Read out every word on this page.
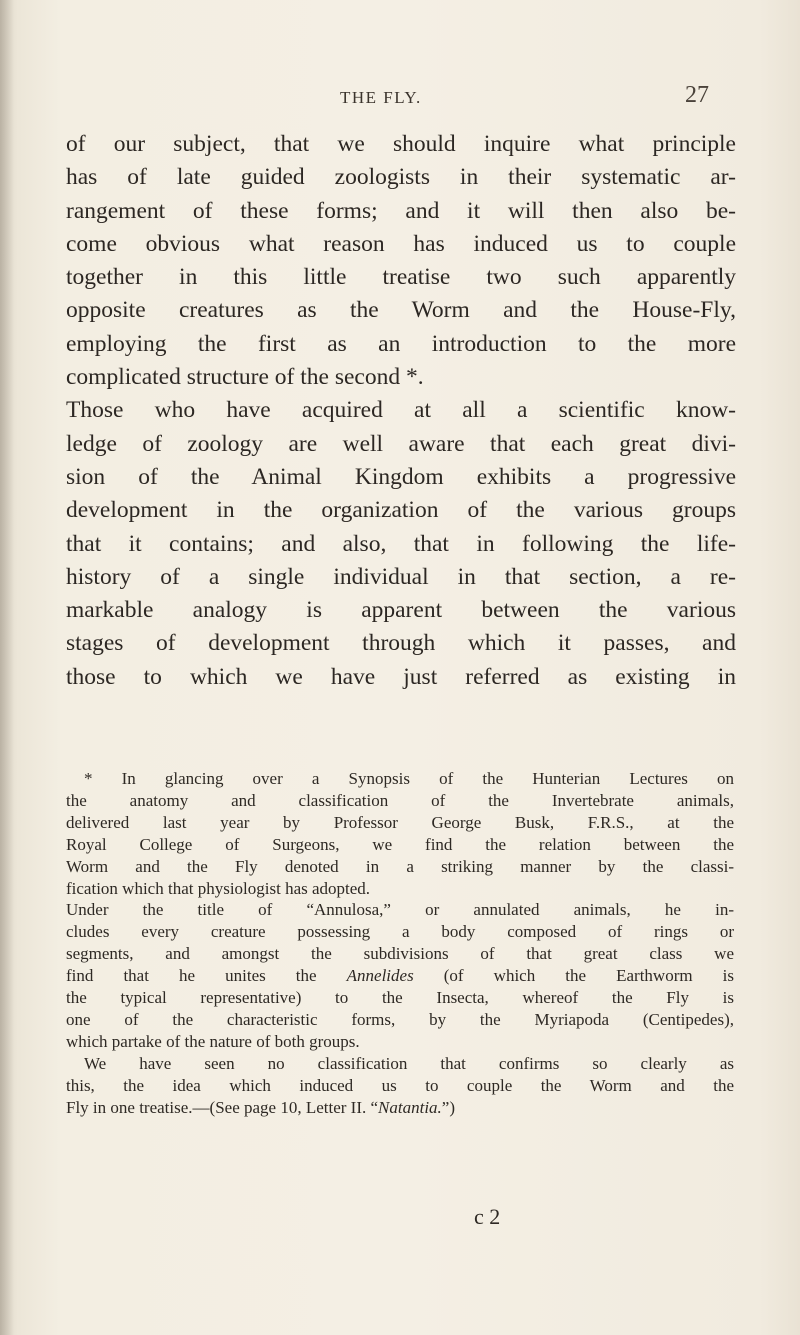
THE FLY.	27
of our subject, that we should inquire what principle
has of late guided zoologists in their systematic ar-
rangement of these forms; and it will then also be-
come obvious what reason has induced us to couple
together in this little treatise two such apparently
opposite creatures as the Worm and the House-Fly,
employing the first as an introduction to the more
complicated structure of the second *.
Those who have acquired at all a scientific know-
ledge of zoology are well aware that each great divi-
sion of the Animal Kingdom exhibits a progressive
development in the organization of the various groups
that it contains; and also, that in following the life-
history of a single individual in that section, a re-
markable analogy is apparent between the various
stages of development through which it passes, and
those to which we have just referred as existing in
* In glancing over a Synopsis of the Hunterian Lectures on
the anatomy and classification of the Invertebrate animals,
delivered last year by Professor George Busk, F.R.S., at the
Royal College of Surgeons, we find the relation between the
Worm and the Fly denoted in a striking manner by the classi-
fication which that physiologist has adopted.
Under the title of “Annulosa,” or annulated animals, he in-
cludes every creature possessing a body composed of rings or
segments, and amongst the subdivisions of that great class we
find that he unites the Annelides (of which the Earthworm is
the typical representative) to the Insecta, whereof the Fly is
one of the characteristic forms, by the Myriapoda (Centipedes),
which partake of the nature of both groups.
We have seen no classification that confirms so clearly as
this, the idea which induced us to couple the Worm and the
Fly in one treatise.—(See page 10, Letter II. “Natantia.”)
c 2
